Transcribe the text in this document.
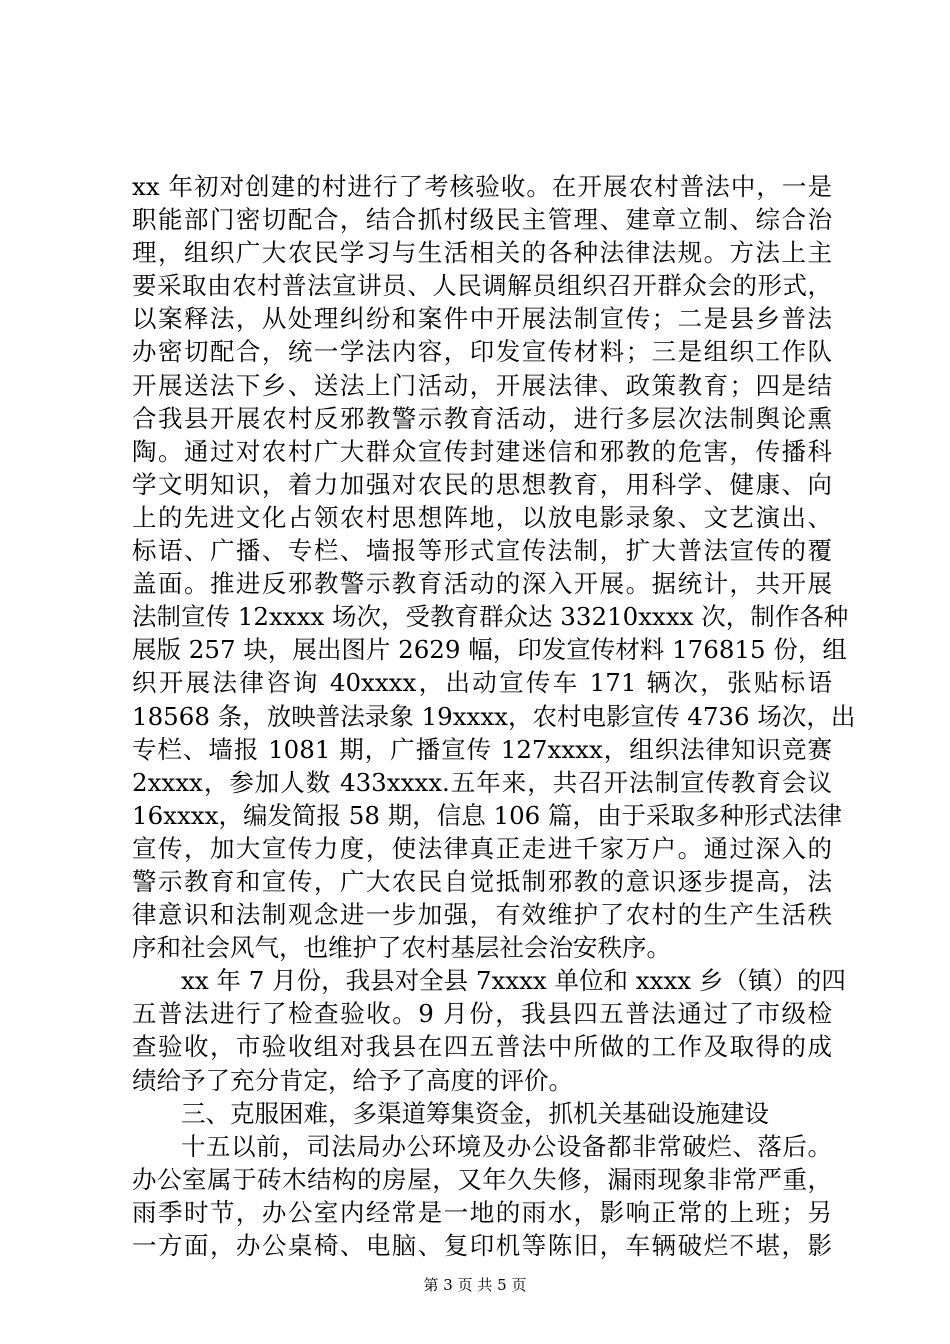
xx 年初对创建的村进行了考核验收。在开展农村普法中，一是
职能部门密切配合，结合抓村级民主管理、建章立制、综合治
理，组织广大农民学习与生活相关的各种法律法规。方法上主
要采取由农村普法宣讲员、人民调解员组织召开群众会的形式，
以案释法，从处理纠纷和案件中开展法制宣传；二是县乡普法
办密切配合，统一学法内容，印发宣传材料；三是组织工作队
开展送法下乡、送法上门活动，开展法律、政策教育；四是结
合我县开展农村反邪教警示教育活动，进行多层次法制舆论熏
陶。通过对农村广大群众宣传封建迷信和邪教的危害，传播科
学文明知识，着力加强对农民的思想教育，用科学、健康、向
上的先进文化占领农村思想阵地，以放电影录象、文艺演出、
标语、广播、专栏、墙报等形式宣传法制，扩大普法宣传的覆
盖面。推进反邪教警示教育活动的深入开展。据统计，共开展
法制宣传 12xxxx 场次，受教育群众达 33210xxxx 次，制作各种
展版 257 块，展出图片 2629 幅，印发宣传材料 176815 份，组
织开展法律咨询 40xxxx，出动宣传车 171 辆次，张贴标语
18568 条，放映普法录象 19xxxx，农村电影宣传 4736 场次，出
专栏、墙报 1081 期，广播宣传 127xxxx，组织法律知识竞赛
2xxxx，参加人数 433xxxx.五年来，共召开法制宣传教育会议
16xxxx，编发简报 58 期，信息 106 篇，由于采取多种形式法律
宣传，加大宣传力度，使法律真正走进千家万户。通过深入的
警示教育和宣传，广大农民自觉抵制邪教的意识逐步提高，法
律意识和法制观念进一步加强，有效维护了农村的生产生活秩
序和社会风气，也维护了农村基层社会治安秩序。
xx 年 7 月份，我县对全县 7xxxx 单位和 xxxx 乡（镇）的四
五普法进行了检查验收。9 月份，我县四五普法通过了市级检
查验收，市验收组对我县在四五普法中所做的工作及取得的成
绩给予了充分肯定，给予了高度的评价。
三、克服困难，多渠道筹集资金，抓机关基础设施建设
十五以前，司法局办公环境及办公设备都非常破烂、落后。
办公室属于砖木结构的房屋，又年久失修，漏雨现象非常严重，
雨季时节，办公室内经常是一地的雨水，影响正常的上班；另
一方面，办公桌椅、电脑、复印机等陈旧，车辆破烂不堪，影
第 3 页 共 5 页
